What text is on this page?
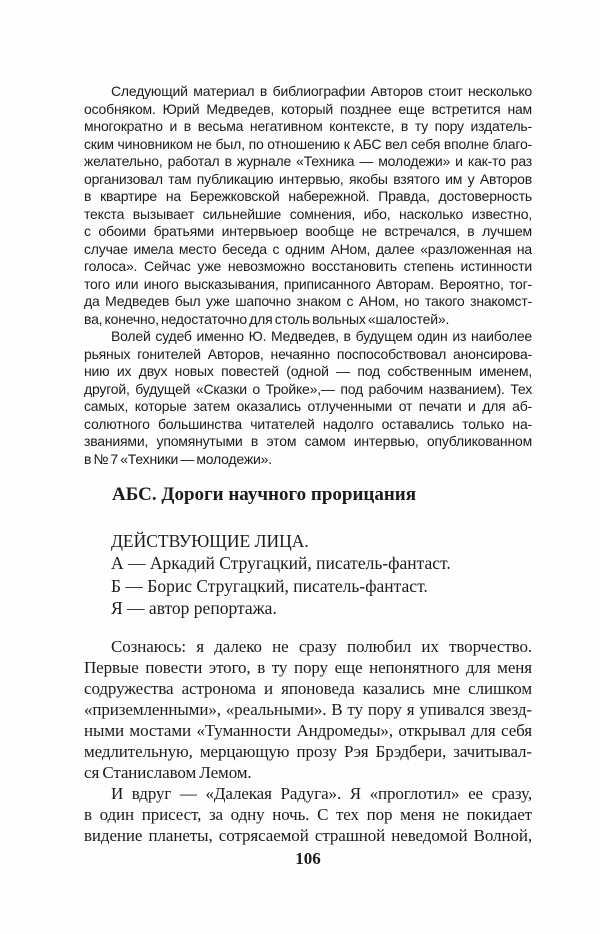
Следующий материал в библиографии Авторов стоит несколько
особняком. Юрий Медведев, который позднее еще встретится нам
многократно и в весьма негативном контексте, в ту пору издатель-
ским чиновником не был, по отношению к АБС вел себя вполне благо-
желательно, работал в журнале «Техника — молодежи» и как-то раз
организовал там публикацию интервью, якобы взятого им у Авторов
в квартире на Бережковской набережной. Правда, достоверность
текста вызывает сильнейшие сомнения, ибо, насколько известно,
с обоими братьями интервьюер вообще не встречался, в лучшем
случае имела место беседа с одним АНом, далее «разложенная на
голоса». Сейчас уже невозможно восстановить степень истинности
того или иного высказывания, приписанного Авторам. Вероятно, тог-
да Медведев был уже шапочно знаком с АНом, но такого знакомст-
ва, конечно, недостаточно для столь вольных «шалостей».
Волей судеб именно Ю. Медведев, в будущем один из наиболее
рьяных гонителей Авторов, нечаянно поспособствовал анонсирова-
нию их двух новых повестей (одной — под собственным именем,
другой, будущей «Сказки о Тройке»,— под рабочим названием). Тех
самых, которые затем оказались отлученными от печати и для аб-
солютного большинства читателей надолго оставались только на-
званиями, упомянутыми в этом самом интервью, опубликованном
в № 7 «Техники — молодежи».
АБС. Дороги научного прорицания
ДЕЙСТВУЮЩИЕ ЛИЦА.
А — Аркадий Стругацкий, писатель-фантаст.
Б — Борис Стругацкий, писатель-фантаст.
Я — автор репортажа.
Сознаюсь: я далеко не сразу полюбил их творчество.
Первые повести этого, в ту пору еще непонятного для меня
содружества астронома и японоведа казались мне слишком
«приземленными», «реальными». В ту пору я упивался звезд-
ными мостами «Туманности Андромеды», открывал для себя
медлительную, мерцающую прозу Рэя Брэдбери, зачитывал-
ся Станиславом Лемом.
И вдруг — «Далекая Радуга». Я «проглотил» ее сразу,
в один присест, за одну ночь. С тех пор меня не покидает
видение планеты, сотрясаемой страшной неведомой Волной,
106
